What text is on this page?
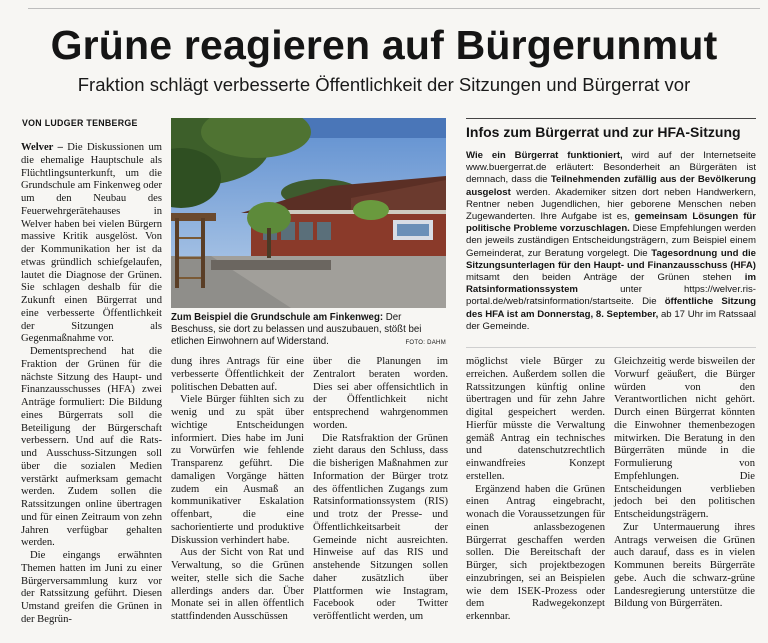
Grüne reagieren auf Bürgerunmut
Fraktion schlägt verbesserte Öffentlichkeit der Sitzungen und Bürgerrat vor
VON LUDGER TENBERGE

Welver – Die Diskussionen um die ehemalige Hauptschule als Flüchtlingsunterkunft, um die Grundschule am Finkenweg oder um den Neubau des Feuerwehrgerätehauses in Welver haben bei vielen Bürgern massive Kritik ausgelöst. Von der Kommunikation her ist da etwas gründlich schiefgelaufen, lautet die Diagnose der Grünen. Sie schlagen deshalb für die Zukunft einen Bürgerrat und eine verbesserte Öffentlichkeit der Sitzungen als Gegenmaßnahme vor.

Dementsprechend hat die Fraktion der Grünen für die nächste Sitzung des Haupt- und Finanzausschusses (HFA) zwei Anträge formuliert: Die Bildung eines Bürgerrats soll die Beteiligung der Bürgerschaft verbessern. Und auf die Rats- und Ausschuss-Sitzungen soll über die sozialen Medien verstärkt aufmerksam gemacht werden. Zudem sollen die Ratssitzungen online übertragen und für einen Zeitraum von zehn Jahren verfügbar gehalten werden.

Die eingangs erwähnten Themen hatten im Juni zu einer Bürgerversammlung kurz vor der Ratssitzung geführt. Diesen Umstand greifen die Grünen in der Begrün-

Zum Beispiel die Grundschule am Finkenweg: Der Beschuss, sie dort zu belassen und auszubauen, stößt bei etlichen Einwohnern auf Widerstand.	FOTO: DAHM
Infos zum Bürgerrat und zur HFA-Sitzung

Wie ein Bürgerrat funktioniert, wird auf der Internetseite www.buergerrat.de erläutert: Besonderheit an Bürgeräten ist demnach, dass die Teilnehmenden zufällig aus der Bevölkerung ausgelost werden. Akademiker sitzen dort neben Handwerkern, Rentner neben Jugendlichen, hier geborene Menschen neben Zugewanderten. Ihre Aufgabe ist es, gemeinsam Lösungen für politische Probleme vorzuschlagen. Diese Empfehlungen werden den jeweils zuständigen Entscheidungsträgern, zum Beispiel einem Gemeinderat, zur Beratung vorgelegt. Die Tagesordnung und die Sitzungsunterlagen für den Haupt- und Finanzausschuss (HFA) mitsamt den beiden Anträge der Grünen stehen im Ratsinformationssystem unter https://welver.ris-portal.de/web/ratsinformation/startseite. Die öffentliche Sitzung des HFA ist am Donnerstag, 8. September, ab 17 Uhr im Ratssaal der Gemeinde.

dung ihres Antrags für eine verbesserte Öffentlichkeit der politischen Debatten auf.

Viele Bürger fühlten sich zu wenig und zu spät über wichtige Entscheidungen informiert. Dies habe im Juni zu Vorwürfen wie fehlende Transparenz geführt. Die damaligen Vorgänge hätten zudem ein Ausmaß an kommunikativer Eskalation offenbart, die eine sachorientierte und produktive Diskussion verhindert habe.

Aus der Sicht von Rat und Verwaltung, so die Grünen weiter, stelle sich die Sache allerdings anders dar. Über Monate sei in allen öffentlich stattfindenden Ausschüssen

über die Planungen im Zentralort beraten worden. Dies sei aber offensichtlich in der Öffentlichkeit nicht entsprechend wahrgenommen worden.

Die Ratsfraktion der Grünen zieht daraus den Schluss, dass die bisherigen Maßnahmen zur Information der Bürger trotz des öffentlichen Zugangs zum Ratsinformationssystem (RIS) und trotz der Presse- und Öffentlichkeitsarbeit der Gemeinde nicht ausreichten. Hinweise auf das RIS und anstehende Sitzungen sollen daher zusätzlich über Plattformen wie Instagram, Facebook oder Twitter veröffentlicht werden, um

möglichst viele Bürger zu erreichen. Außerdem sollen die Ratssitzungen künftig online übertragen und für zehn Jahre digital gespeichert werden. Hierfür müsste die Verwaltung gemäß Antrag ein technisches und datenschutzrechtlich einwandfreies Konzept erstellen.

Ergänzend haben die Grünen einen Antrag eingebracht, wonach die Voraussetzungen für einen anlassbezogenen Bürgerrat geschaffen werden sollen. Die Bereitschaft der Bürger, sich projektbezogen einzubringen, sei an Beispielen wie dem ISEK-Prozess oder dem Radwegekonzept erkennbar.

Gleichzeitig werde bisweilen der Vorwurf geäußert, die Bürger würden von den Verantwortlichen nicht gehört. Durch einen Bürgerrat könnten die Einwohner themenbezogen mitwirken. Die Beratung in den Bürgerräten münde in die Formulierung von Empfehlungen. Die Entscheidungen verblieben jedoch bei den politischen Entscheidungsträgern.

Zur Untermauerung ihres Antrags verweisen die Grünen auch darauf, dass es in vielen Kommunen bereits Bürgerräte gebe. Auch die schwarz-grüne Landesregierung unterstütze die Bildung von Bürgerräten.
